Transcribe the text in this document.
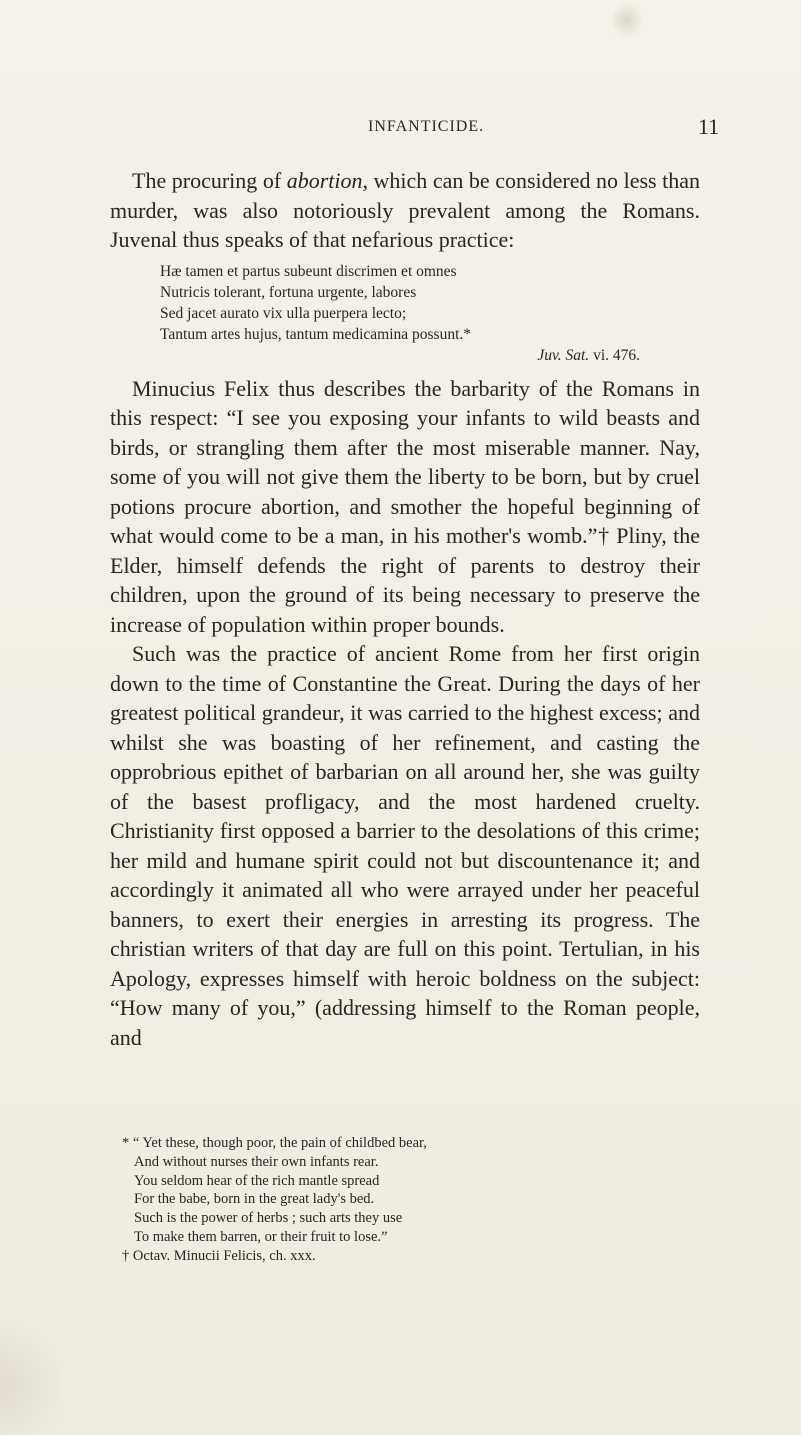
INFANTICIDE.	11

The procuring of abortion, which can be considered no less than murder, was also notoriously prevalent among the Romans. Juvenal thus speaks of that nefarious practice:

Hæ tamen et partus subeunt discrimen et omnes
Nutricis tolerant, fortuna urgente, labores
Sed jacet aurato vix ulla puerpera lecto;
Tantum artes hujus, tantum medicamina possunt.*
Juv. Sat. vi. 476.

Minucius Felix thus describes the barbarity of the Romans in this respect: “I see you exposing your infants to wild beasts and birds, or strangling them after the most miserable manner. Nay, some of you will not give them the liberty to be born, but by cruel potions procure abortion, and smother the hopeful beginning of what would come to be a man, in his mother's womb.”† Pliny, the Elder, himself defends the right of parents to destroy their children, upon the ground of its being necessary to preserve the increase of population within proper bounds.

Such was the practice of ancient Rome from her first origin down to the time of Constantine the Great. During the days of her greatest political grandeur, it was carried to the highest excess; and whilst she was boasting of her refinement, and casting the opprobrious epithet of barbarian on all around her, she was guilty of the basest profligacy, and the most hardened cruelty. Christianity first opposed a barrier to the desolations of this crime; her mild and humane spirit could not but discountenance it; and accordingly it animated all who were arrayed under her peaceful banners, to exert their energies in arresting its progress. The christian writers of that day are full on this point. Tertulian, in his Apology, expresses himself with heroic boldness on the subject: “How many of you,” (addressing himself to the Roman people, and

* “ Yet these, though poor, the pain of childbed bear,
And without nurses their own infants rear.
You seldom hear of the rich mantle spread
For the babe, born in the great lady's bed.
Such is the power of herbs ; such arts they use
To make them barren, or their fruit to lose.”
† Octav. Minucii Felicis, ch. xxx.
